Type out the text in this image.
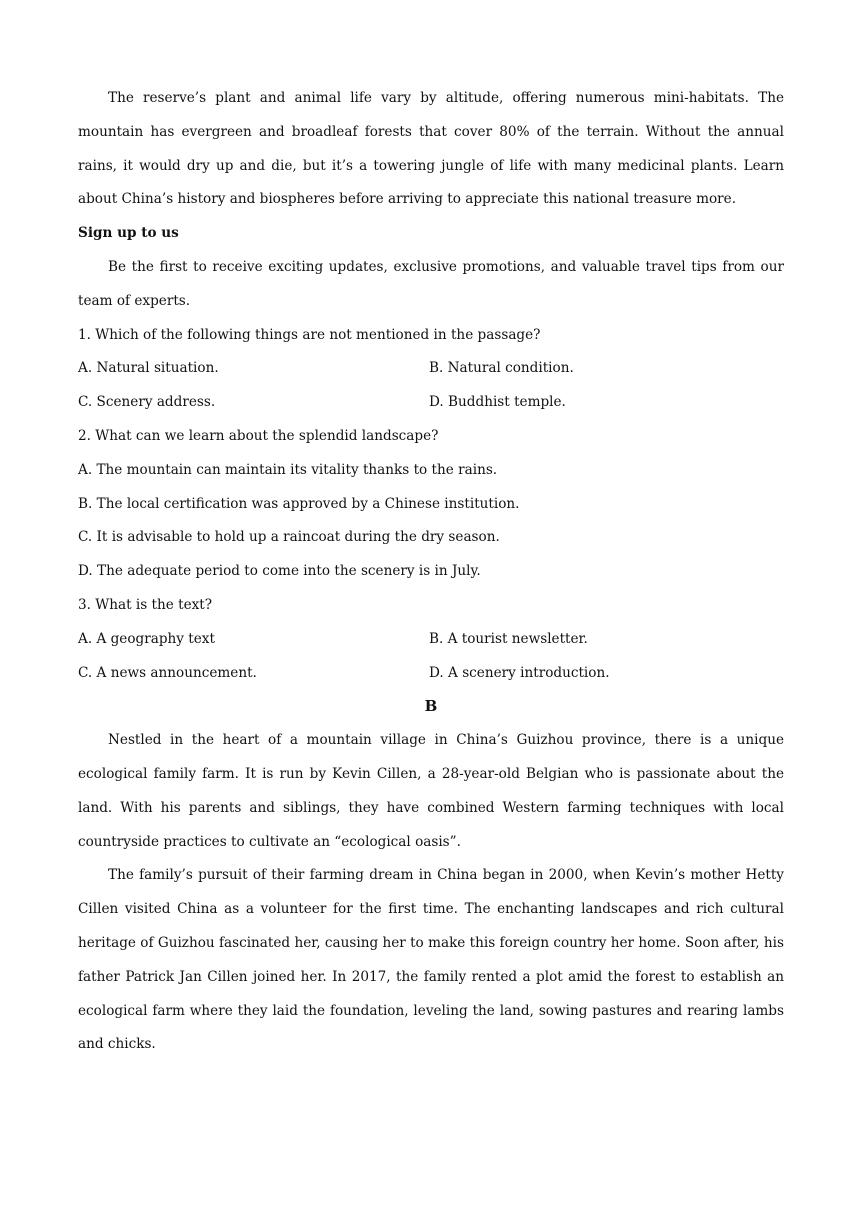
The reserve’s plant and animal life vary by altitude, offering numerous mini-habitats. The mountain has evergreen and broadleaf forests that cover 80% of the terrain. Without the annual rains, it would dry up and die, but it’s a towering jungle of life with many medicinal plants. Learn about China’s history and biospheres before arriving to appreciate this national treasure more.

Sign up to us

Be the first to receive exciting updates, exclusive promotions, and valuable travel tips from our team of experts.

1. Which of the following things are not mentioned in the passage?

A. Natural situation.	B. Natural condition.
C. Scenery address.	D. Buddhist temple.

2. What can we learn about the splendid landscape?

A. The mountain can maintain its vitality thanks to the rains.

B. The local certification was approved by a Chinese institution.

C. It is advisable to hold up a raincoat during the dry season.

D. The adequate period to come into the scenery is in July.

3. What is the text?

A. A geography text	B. A tourist newsletter.
C. A news announcement.	D. A scenery introduction.

B

Nestled in the heart of a mountain village in China’s Guizhou province, there is a unique ecological family farm. It is run by Kevin Cillen, a 28-year-old Belgian who is passionate about the land. With his parents and siblings, they have combined Western farming techniques with local countryside practices to cultivate an “ecological oasis”.

The family’s pursuit of their farming dream in China began in 2000, when Kevin’s mother Hetty Cillen visited China as a volunteer for the first time. The enchanting landscapes and rich cultural heritage of Guizhou fascinated her, causing her to make this foreign country her home. Soon after, his father Patrick Jan Cillen joined her. In 2017, the family rented a plot amid the forest to establish an ecological farm where they laid the foundation, leveling the land, sowing pastures and rearing lambs and chicks.
